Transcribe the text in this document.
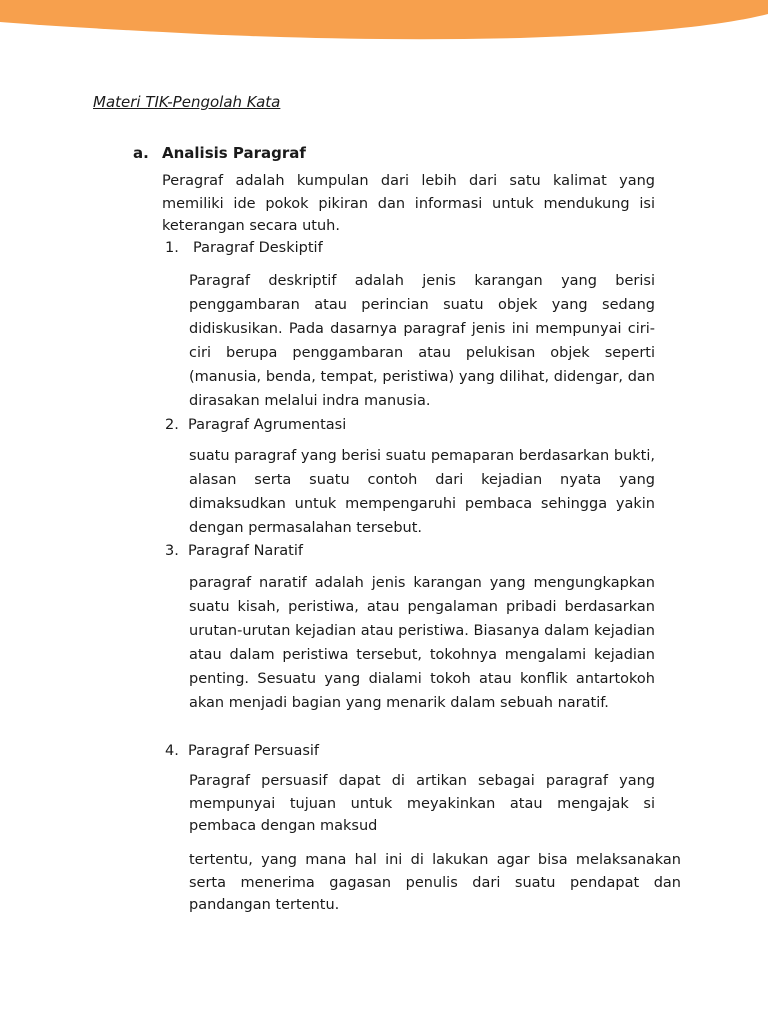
Materi TIK-Pengolah Kata
a. Analisis Paragraf

Peragraf adalah kumpulan dari lebih dari satu kalimat yang memiliki ide pokok pikiran dan informasi untuk mendukung isi keterangan secara utuh.

1. Paragraf Deskiptif

Paragraf deskriptif adalah jenis karangan yang berisi penggambaran atau perincian suatu objek yang sedang didiskusikan. Pada dasarnya paragraf jenis ini mempunyai ciri-ciri berupa penggambaran atau pelukisan objek seperti (manusia, benda, tempat, peristiwa) yang dilihat, didengar, dan dirasakan melalui indra manusia.

2. Paragraf Agrumentasi

suatu paragraf yang berisi suatu pemaparan berdasarkan bukti, alasan serta suatu contoh dari kejadian nyata yang dimaksudkan untuk mempengaruhi pembaca sehingga yakin dengan permasalahan tersebut.

3. Paragraf Naratif

paragraf naratif adalah jenis karangan yang mengungkapkan suatu kisah, peristiwa, atau pengalaman pribadi berdasarkan urutan-urutan kejadian atau peristiwa. Biasanya dalam kejadian atau dalam peristiwa tersebut, tokohnya mengalami kejadian penting. Sesuatu yang dialami tokoh atau konflik antartokoh akan menjadi bagian yang menarik dalam sebuah naratif.

4. Paragraf Persuasif

Paragraf persuasif dapat di artikan sebagai paragraf yang mempunyai tujuan untuk meyakinkan atau mengajak si pembaca dengan maksud

tertentu, yang mana hal ini di lakukan agar bisa melaksanakan serta menerima gagasan penulis dari suatu pendapat dan pandangan tertentu.
